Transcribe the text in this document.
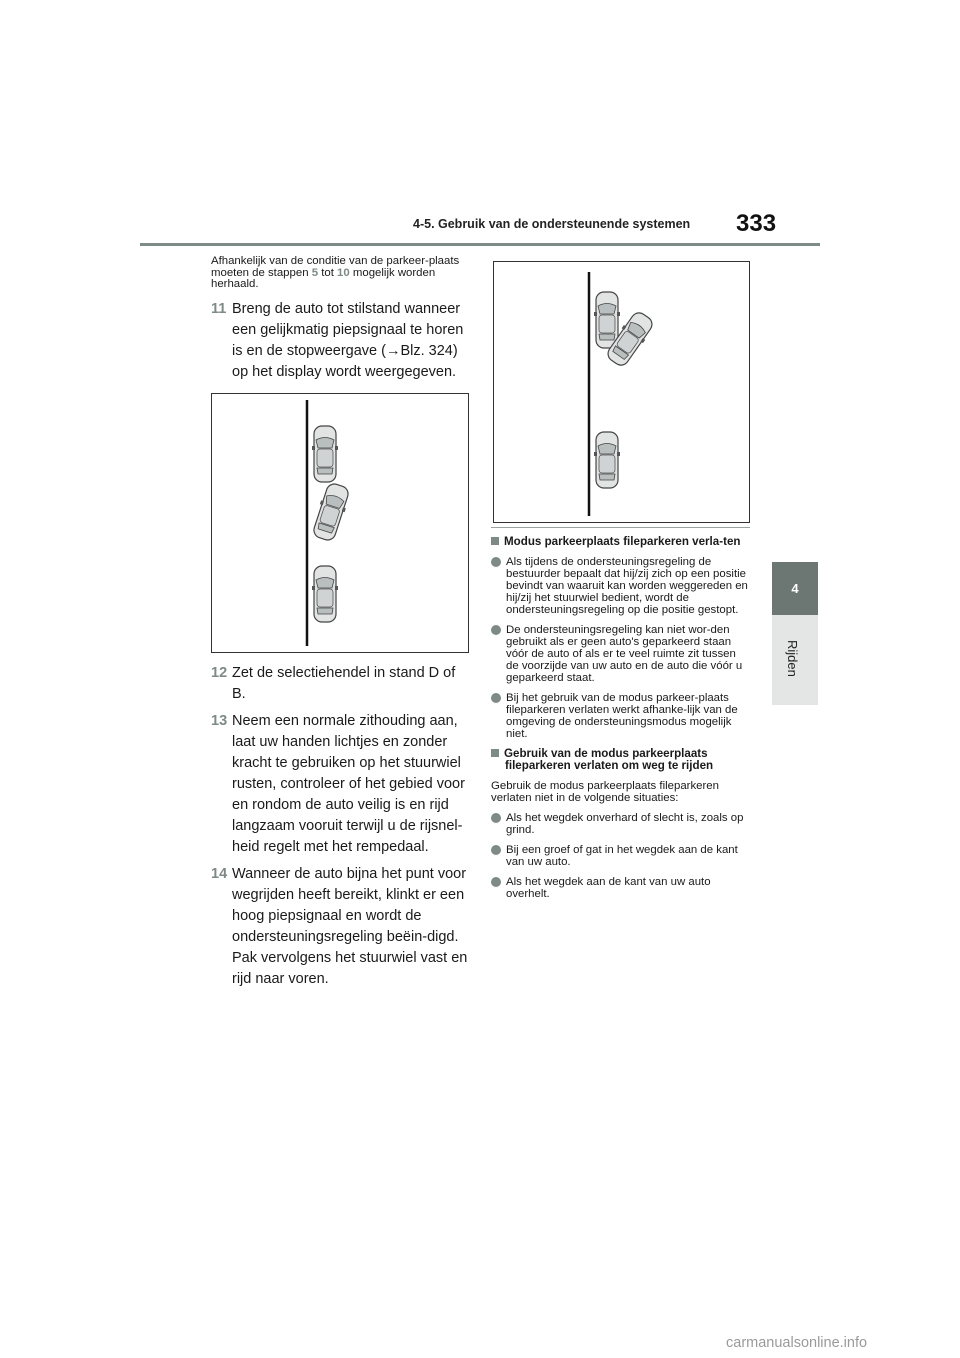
4-5. Gebruik van de ondersteunende systemen 333
4
Rijden

Afhankelijk van de conditie van de parkeer-plaats moeten de stappen 5 tot 10 mogelijk worden herhaald.

11 Breng de auto tot stilstand wanneer een gelijkmatig piepsignaal te horen is en de stopweergave (→Blz. 324) op het display wordt weergegeven.

12 Zet de selectiehendel in stand D of B.

13 Neem een normale zithouding aan, laat uw handen lichtjes en zonder kracht te gebruiken op het stuurwiel rusten, controleer of het gebied voor en rondom de auto veilig is en rijd langzaam vooruit terwijl u de rijsnel-heid regelt met het rempedaal.

14 Wanneer de auto bijna het punt voor wegrijden heeft bereikt, klinkt er een hoog piepsignaal en wordt de ondersteuningsregeling beëin-digd. Pak vervolgens het stuurwiel vast en rijd naar voren.

Modus parkeerplaats fileparkeren verla-ten

Als tijdens de ondersteuningsregeling de bestuurder bepaalt dat hij/zij zich op een positie bevindt van waaruit kan worden weggereden en hij/zij het stuurwiel bedient, wordt de ondersteuningsregeling op die positie gestopt.

De ondersteuningsregeling kan niet wor-den gebruikt als er geen auto's geparkeerd staan vóór de auto of als er te veel ruimte zit tussen de voorzijde van uw auto en de auto die vóór u geparkeerd staat.

Bij het gebruik van de modus parkeer-plaats fileparkeren verlaten werkt afhanke-lijk van de omgeving de ondersteuningsmodus mogelijk niet.

Gebruik van de modus parkeerplaats fileparkeren verlaten om weg te rijden

Gebruik de modus parkeerplaats fileparkeren verlaten niet in de volgende situaties:

Als het wegdek onverhard of slecht is, zoals op grind.

Bij een groef of gat in het wegdek aan de kant van uw auto.

Als het wegdek aan de kant van uw auto overhelt.

carmanualsonline.info
